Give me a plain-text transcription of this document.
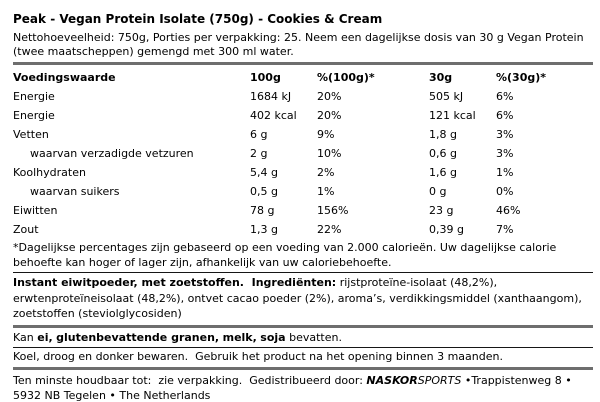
Peak - Vegan Protein Isolate (750g) - Cookies & Cream

Nettohoeveelheid: 750g, Porties per verpakking: 25. Neem een dagelijkse dosis van 30 g Vegan Protein (twee maatscheppen) gemengd met 300 ml water.

Voedingswaarde	100g	%(100g)*	30g	%(30g)*
Energie	1684 kJ	20%	505 kJ	6%
Energie	402 kcal	20%	121 kcal	6%
Vetten	6 g	9%	1,8 g	3%
waarvan verzadigde vetzuren	2 g	10%	0,6 g	3%
Koolhydraten	5,4 g	2%	1,6 g	1%
waarvan suikers	0,5 g	1%	0 g	0%
Eiwitten	78 g	156%	23 g	46%
Zout	1,3 g	22%	0,39 g	7%

*Dagelijkse percentages zijn gebaseerd op een voeding van 2.000 calorieën. Uw dagelijkse calorie behoefte kan hoger of lager zijn, afhankelijk van uw caloriebehoefte.

Instant eiwitpoeder, met zoetstoffen.  Ingrediënten: rijstproteïne-isolaat (48,2%), erwtenproteïneisolaat (48,2%), ontvet cacao poeder (2%), aroma’s, verdikkingsmiddel (xanthaangom), zoetstoffen (steviolglycosiden)

Kan ei, glutenbevattende granen, melk, soja bevatten.

Koel, droog en donker bewaren.  Gebruik het product na het opening binnen 3 maanden.

Ten minste houdbaar tot:  zie verpakking.  Gedistribueerd door: NASKORSPORTS •Trappistenweg 8 • 5932 NB Tegelen • The Netherlands
